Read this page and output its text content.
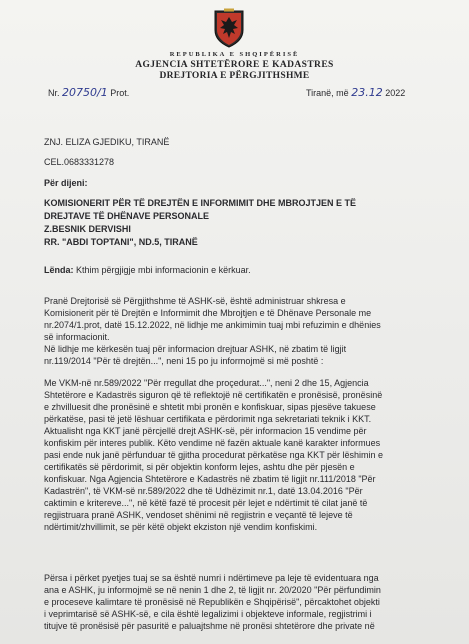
REPUBLIKA E SHQIPËRISË
AGJENCIA SHTETËRORE E KADASTRES
DREJTORIA E PËRGJITHSHME
Nr. 20750/1 Prot.	Tiranë, më 23.12 2022
ZNJ. ELIZA GJEDIKU, TIRANË
CEL.0683331278
Për dijeni:
KOMISIONERIT PËR TË DREJTËN E INFORMIMIT DHE MBROJTJEN E TË
DREJTAVE TË DHËNAVE PERSONALE
Z.BESNIK DERVISHI
RR. "ABDI TOPTANI", ND.5, TIRANË
Lënda: Kthim përgjigje mbi informacionin e kërkuar.
Pranë Drejtorisë së Përgjithshme të ASHK-së, është administruar shkresa e
Komisionerit për të Drejtën e Informimit dhe Mbrojtjen e të Dhënave Personale me
nr.2074/1.prot, datë 15.12.2022, në lidhje me ankimimin tuaj mbi refuzimin e dhënies
së informacionit.
Në lidhje me kërkesën tuaj për informacion drejtuar ASHK, në zbatim të ligjit
nr.119/2014 "Për të drejtën...", neni 15 po ju informojmë si më poshtë :
Me VKM-në nr.589/2022 "Për rregullat dhe proçedurat...", neni 2 dhe 15, Agjencia
Shtetërore e Kadastrës siguron që të reflektojë në certifikatën e pronësisë, pronësinë
e zhvilluesit dhe pronësinë e shtetit mbi pronën e konfiskuar, sipas pjesëve takuese
përkatëse, pasi të jetë lëshuar certifikata e përdorimit nga sekretariati teknik i KKT.
Aktualisht nga KKT janë përcjellë drejt ASHK-së, për informacion 15 vendime për
konfiskim për interes publik. Këto vendime në fazën aktuale kanë karakter informues
pasi ende nuk janë përfunduar të gjitha procedurat përkatëse nga KKT për lëshimin e
certifikatës së përdorimit, si për objektin konform lejes, ashtu dhe për pjesën e
konfiskuar. Nga Agjencia Shtetërore e Kadastrës në zbatim të ligjit nr.111/2018 "Për
Kadastrën", të VKM-së nr.589/2022 dhe të Udhëzimit nr.1, datë 13.04.2016 "Për
caktimin e kritereve...", në këtë fazë të procesit për lejet e ndërtimit të cilat janë të
regjistruara pranë ASHK, vendoset shënimi në regjistrin e veçantë të lejeve të
ndërtimit/zhvillimit, se për këtë objekt ekziston një vendim konfiskimi.
Përsa i përket pyetjes tuaj se sa është numri i ndërtimeve pa leje të evidentuara nga
ana e ASHK, ju informojmë se në nenin 1 dhe 2, të ligjit nr. 20/2020 "Për përfundimin
e proceseve kalimtare të pronësisë në Republikën e Shqipërisë", përcaktohet objekti
i veprimtarisë së ASHK-së, e cila është legalizimi i objekteve informale, regjistrimi i
titujve të pronësisë për pasuritë e paluajtshme në pronësi shtetërore dhe private në
